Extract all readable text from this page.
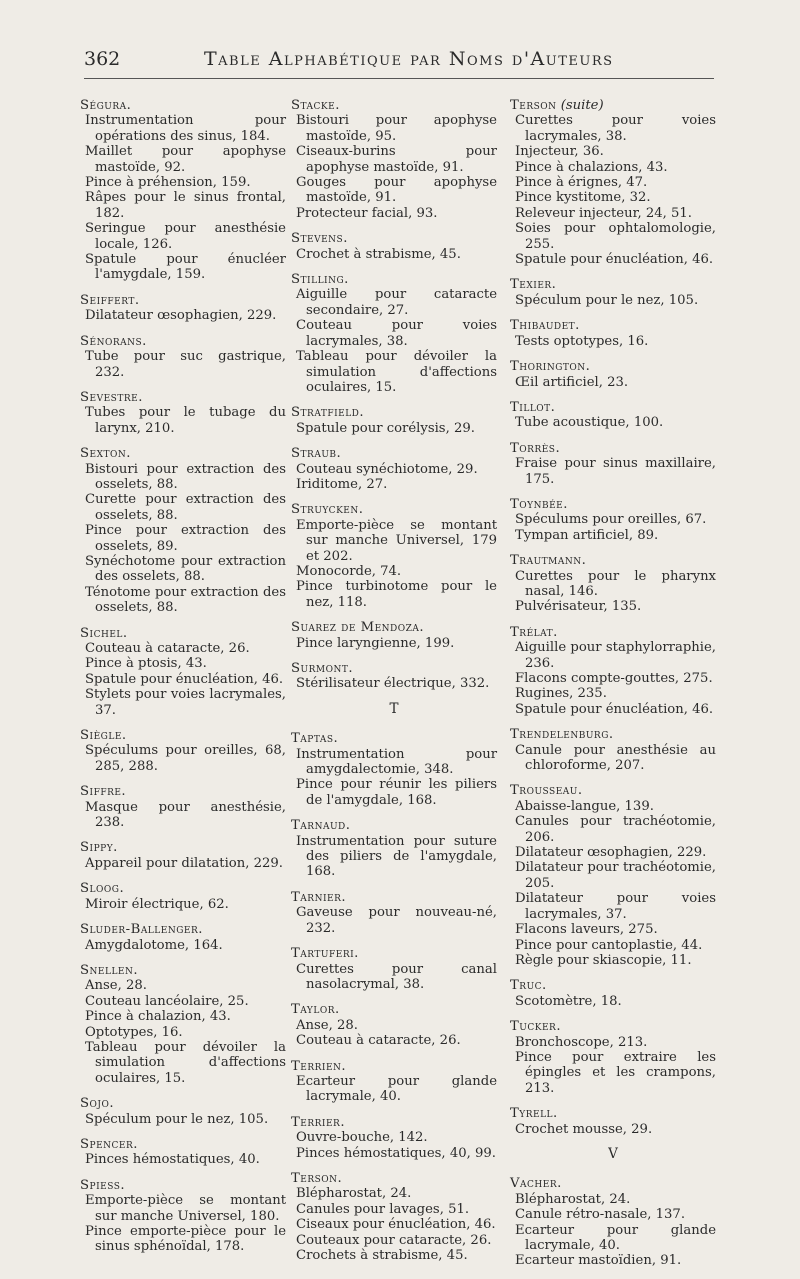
362	Table Alphabétique par Noms d'Auteurs
Ségura.
Instrumentation pour opérations des sinus, 184.
Maillet pour apophyse mastoïde, 92.
Pince à préhension, 159.
Râpes pour le sinus frontal, 182.
Seringue pour anesthésie locale, 126.
Spatule pour énucléer l'amygdale, 159.
Seiffert.
Dilatateur œsophagien, 229.
Sénorans.
Tube pour suc gastrique, 232.
Sevestre.
Tubes pour le tubage du larynx, 210.
Sexton.
Bistouri pour extraction des osselets, 88.
Curette pour extraction des osselets, 88.
Pince pour extraction des osselets, 89.
Synéchotome pour extraction des osselets, 88.
Ténotome pour extraction des osselets, 88.
Sichel.
Couteau à cataracte, 26.
Pince à ptosis, 43.
Spatule pour énucléation, 46.
Stylets pour voies lacrymales, 37.
Siègle.
Spéculums pour oreilles, 68, 285, 288.
Siffre.
Masque pour anesthésie, 238.
Sippy.
Appareil pour dilatation, 229.
Sloog.
Miroir électrique, 62.
Sluder-Ballenger.
Amygdalotome, 164.
Snellen.
Anse, 28.
Couteau lancéolaire, 25.
Pince à chalazion, 43.
Optotypes, 16.
Tableau pour dévoiler la simulation d'affections oculaires, 15.
Sojo.
Spéculum pour le nez, 105.
Spencer.
Pinces hémostatiques, 40.
Spiess.
Emporte-pièce se montant sur manche Universel, 180.
Pince emporte-pièce pour le sinus sphénoïdal, 178.
Stacke.
Bistouri pour apophyse mastoïde, 95.
Ciseaux-burins pour apophyse mastoïde, 91.
Gouges pour apophyse mastoïde, 91.
Protecteur facial, 93.
Stevens.
Crochet à strabisme, 45.
Stilling.
Aiguille pour cataracte secondaire, 27.
Couteau pour voies lacrymales, 38.
Tableau pour dévoiler la simulation d'affections oculaires, 15.
Stratfield.
Spatule pour corélysis, 29.
Straub.
Couteau synéchiotome, 29.
Iriditome, 27.
Struycken.
Emporte-pièce se montant sur manche Universel, 179 et 202.
Monocorde, 74.
Pince turbinotome pour le nez, 118.
Suarez de Mendoza.
Pince laryngienne, 199.
Surmont.
Stérilisateur électrique, 332.
T
Taptas.
Instrumentation pour amygdalectomie, 348.
Pince pour réunir les piliers de l'amygdale, 168.
Tarnaud.
Instrumentation pour suture des piliers de l'amygdale, 168.
Tarnier.
Gaveuse pour nouveau-né, 232.
Tartuferi.
Curettes pour canal nasolacrymal, 38.
Taylor.
Anse, 28.
Couteau à cataracte, 26.
Terrien.
Ecarteur pour glande lacrymale, 40.
Terrier.
Ouvre-bouche, 142.
Pinces hémostatiques, 40, 99.
Terson.
Blépharostat, 24.
Canules pour lavages, 51.
Ciseaux pour énucléation, 46.
Couteaux pour cataracte, 26.
Crochets à strabisme, 45.
Terson (suite)
Curettes pour voies lacrymales, 38.
Injecteur, 36.
Pince à chalazions, 43.
Pince à érignes, 47.
Pince kystitome, 32.
Releveur injecteur, 24, 51.
Soies pour ophtalomologie, 255.
Spatule pour énucléation, 46.
Texier.
Spéculum pour le nez, 105.
Thibaudet.
Tests optotypes, 16.
Thorington.
Œil artificiel, 23.
Tillot.
Tube acoustique, 100.
Torrès.
Fraise pour sinus maxillaire, 175.
Toynbée.
Spéculums pour oreilles, 67.
Tympan artificiel, 89.
Trautmann.
Curettes pour le pharynx nasal, 146.
Pulvérisateur, 135.
Trélat.
Aiguille pour staphylorraphie, 236.
Flacons compte-gouttes, 275.
Rugines, 235.
Spatule pour énucléation, 46.
Trendelenburg.
Canule pour anesthésie au chloroforme, 207.
Trousseau.
Abaisse-langue, 139.
Canules pour trachéotomie, 206.
Dilatateur œsophagien, 229.
Dilatateur pour trachéotomie, 205.
Dilatateur pour voies lacrymales, 37.
Flacons laveurs, 275.
Pince pour cantoplastie, 44.
Règle pour skiascopie, 11.
Truc.
Scotomètre, 18.
Tucker.
Bronchoscope, 213.
Pince pour extraire les épingles et les crampons, 213.
Tyrell.
Crochet mousse, 29.
V
Vacher.
Blépharostat, 24.
Canule rétro-nasale, 137.
Ecarteur pour glande lacrymale, 40.
Ecarteur mastoïdien, 91.
